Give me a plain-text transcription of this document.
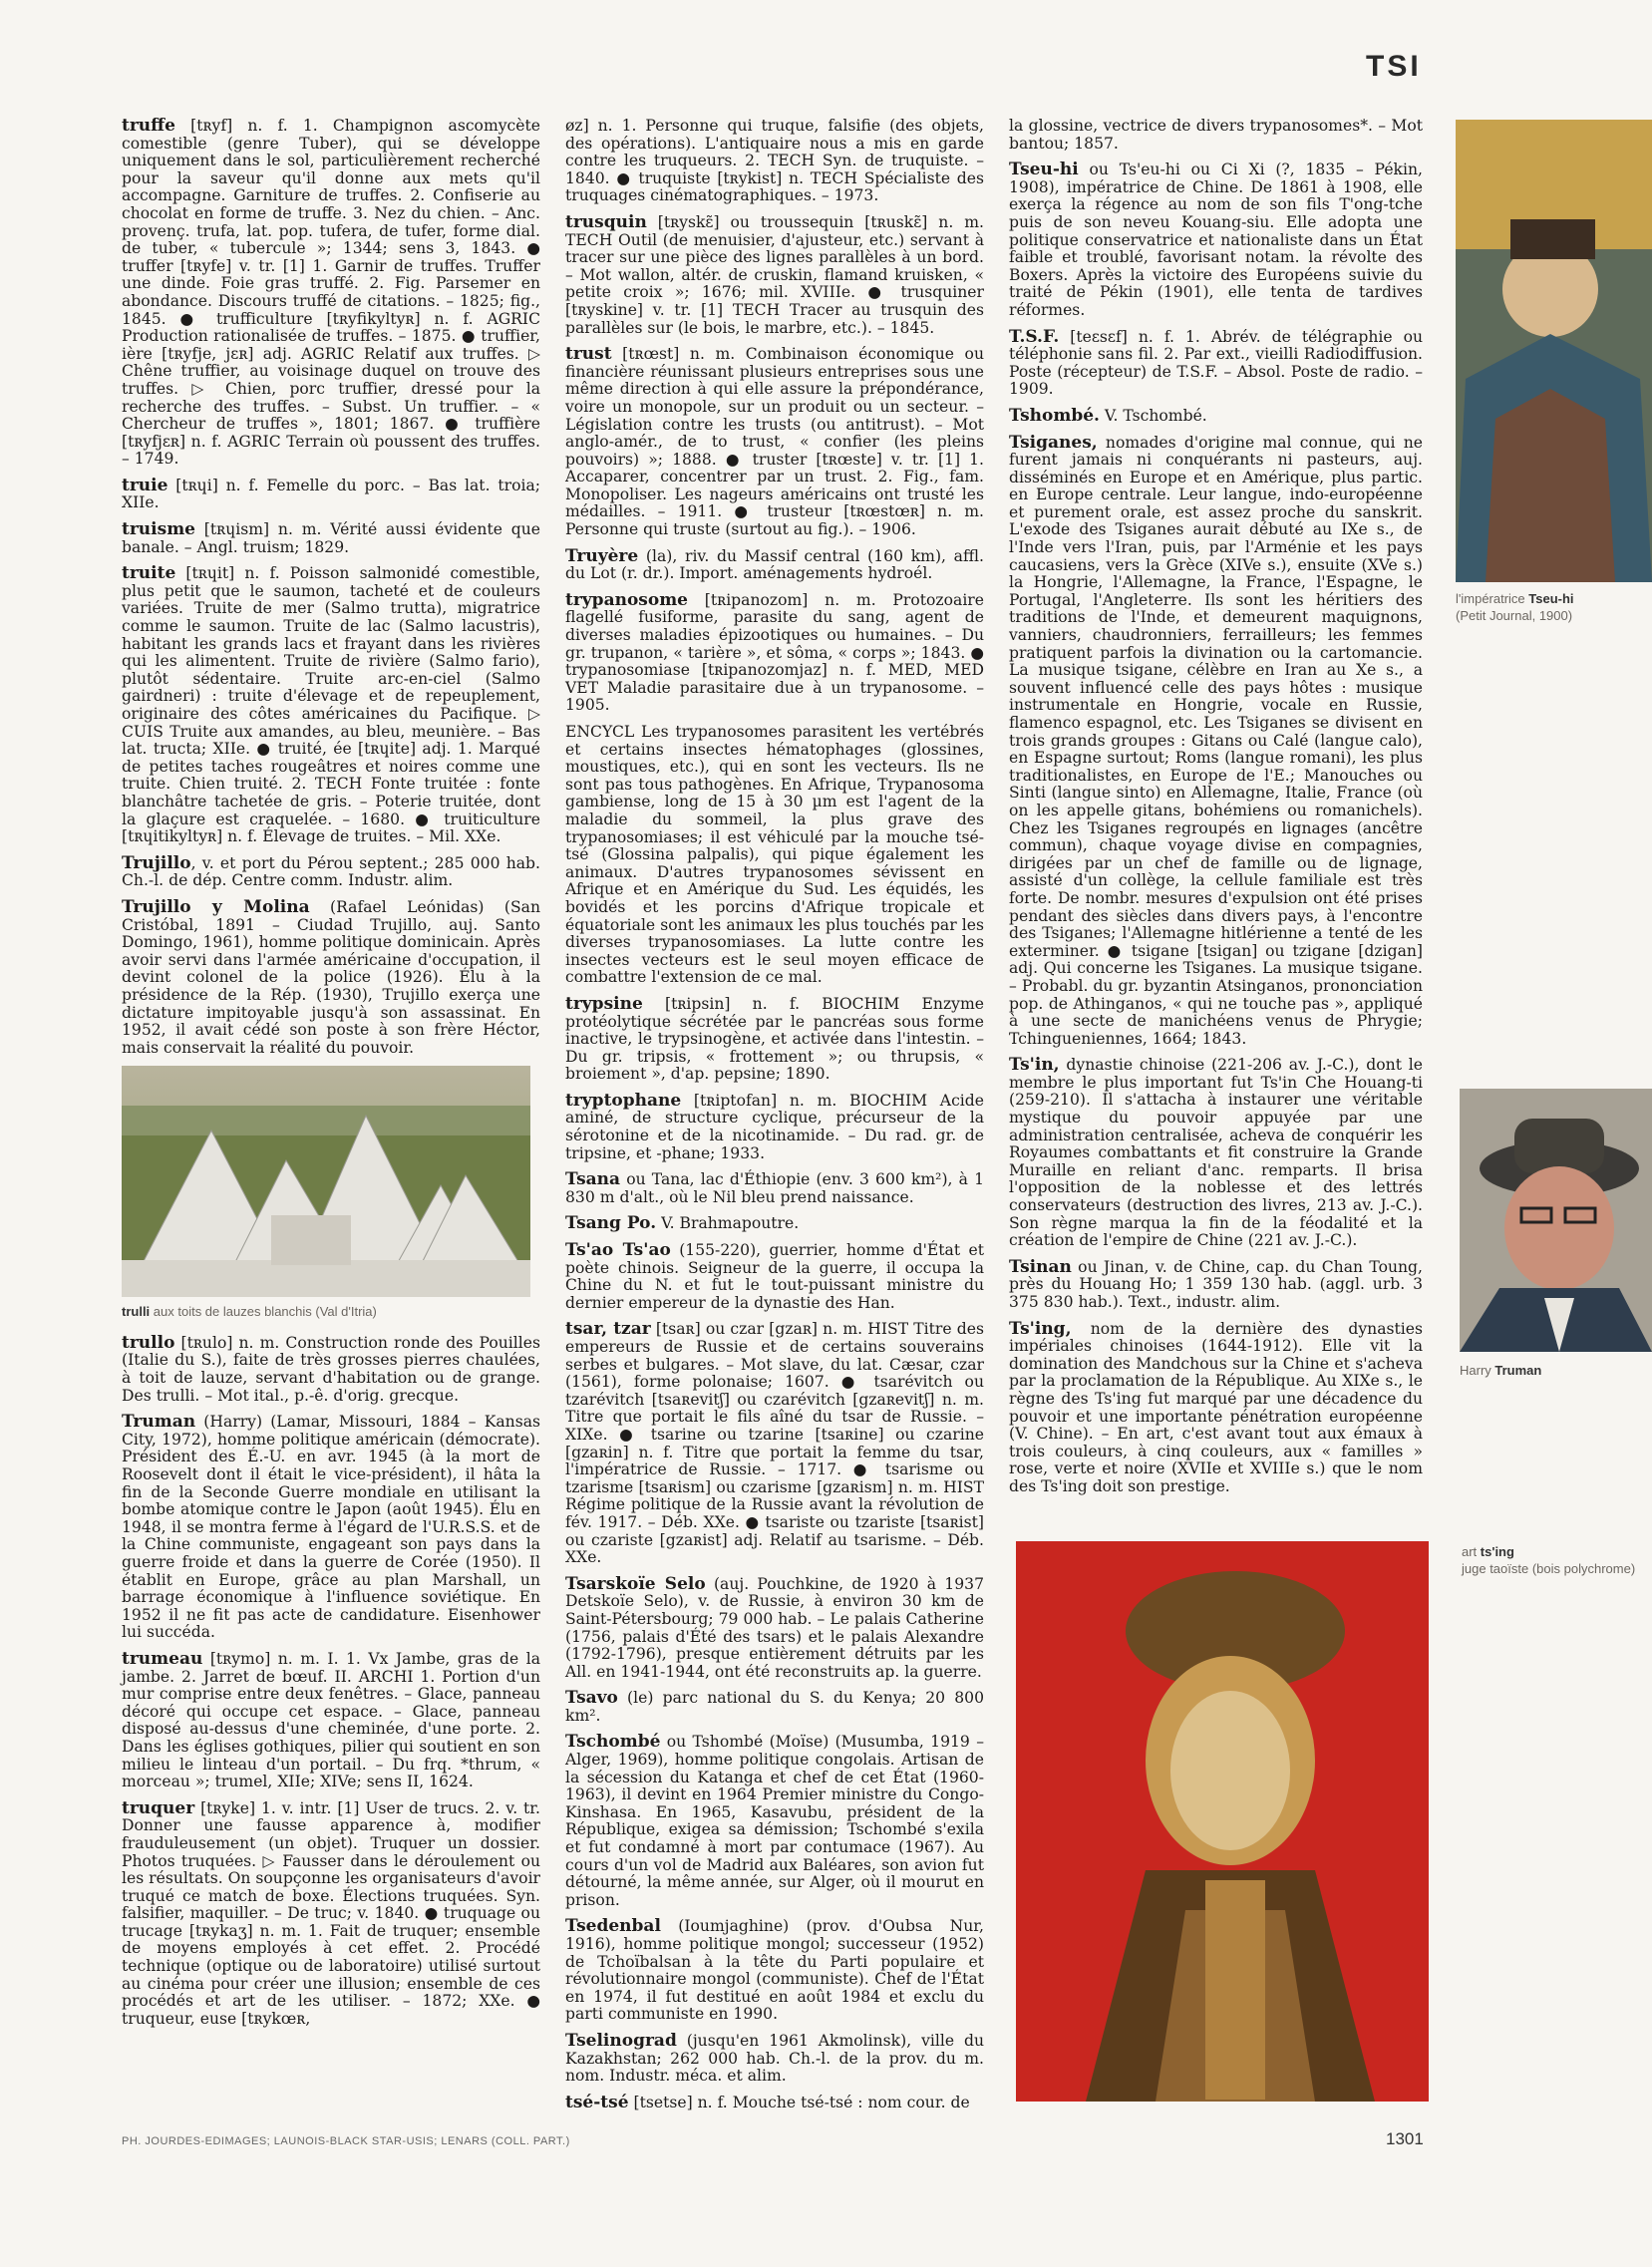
TSI

truffe [tʀyf] n. f. 1. Champignon ascomycète comestible (genre Tuber), qui se développe uniquement dans le sol, particulièrement recherché pour la saveur qu'il donne aux mets qu'il accompagne. Garniture de truffes. 2. Confiserie au chocolat en forme de truffe. 3. Nez du chien. – Anc. provenç. trufa, lat. pop. tufera, de tufer, forme dial. de tuber, « tubercule »; 1344; sens 3, 1843. ● truffer [tʀyfe] v. tr. [1] 1. Garnir de truffes. Truffer une dinde. Foie gras truffé. 2. Fig. Parsemer en abondance. Discours truffé de citations. – 1825; fig., 1845. ● trufficulture [tʀyfikyltyʀ] n. f. AGRIC Production rationalisée de truffes. – 1875. ● truffier, ière [tʀyfje, jɛʀ] adj. AGRIC Relatif aux truffes. ▷ Chêne truffier, au voisinage duquel on trouve des truffes. ▷ Chien, porc truffier, dressé pour la recherche des truffes. – Subst. Un truffier. – « Chercheur de truffes », 1801; 1867. ● truffière [tʀyfjɛʀ] n. f. AGRIC Terrain où poussent des truffes. – 1749.

truie [tʀɥi] n. f. Femelle du porc. – Bas lat. troia; XIIe.

truisme [tʀɥism] n. m. Vérité aussi évidente que banale. – Angl. truism; 1829.

truite [tʀɥit] n. f. Poisson salmonidé comestible, plus petit que le saumon, tacheté et de couleurs variées. Truite de mer (Salmo trutta), migratrice comme le saumon. Truite de lac (Salmo lacustris), habitant les grands lacs et frayant dans les rivières qui les alimentent. Truite de rivière (Salmo fario), plutôt sédentaire. Truite arc-en-ciel (Salmo gairdneri) : truite d'élevage et de repeuplement, originaire des côtes américaines du Pacifique. ▷ CUIS Truite aux amandes, au bleu, meunière. – Bas lat. tructa; XIIe. ● truité, ée [tʀɥite] adj. 1. Marqué de petites taches rougeâtres et noires comme une truite. Chien truité. 2. TECH Fonte truitée : fonte blanchâtre tachetée de gris. – Poterie truitée, dont la glaçure est craquelée. – 1680. ● truiticulture [tʀɥitikyltyʀ] n. f. Élevage de truites. – Mil. XXe.

Trujillo, v. et port du Pérou septent.; 285 000 hab. Ch.-l. de dép. Centre comm. Industr. alim.

Trujillo y Molina (Rafael Leónidas) (San Cristóbal, 1891 – Ciudad Trujillo, auj. Santo Domingo, 1961), homme politique dominicain. Après avoir servi dans l'armée américaine d'occupation, il devint colonel de la police (1926). Élu à la présidence de la Rép. (1930), Trujillo exerça une dictature impitoyable jusqu'à son assassinat. En 1952, il avait cédé son poste à son frère Héctor, mais conservait la réalité du pouvoir.

trulli aux toits de lauzes blanchis (Val d'Itria)

trullo [tʀulo] n. m. Construction ronde des Pouilles (Italie du S.), faite de très grosses pierres chaulées, à toit de lauze, servant d'habitation ou de grange. Des trulli. – Mot ital., p.-ê. d'orig. grecque.

Truman (Harry) (Lamar, Missouri, 1884 – Kansas City, 1972), homme politique américain (démocrate). Président des É.-U. en avr. 1945 (à la mort de Roosevelt dont il était le vice-président), il hâta la fin de la Seconde Guerre mondiale en utilisant la bombe atomique contre le Japon (août 1945). Élu en 1948, il se montra ferme à l'égard de l'U.R.S.S. et de la Chine communiste, engageant son pays dans la guerre froide et dans la guerre de Corée (1950). Il établit en Europe, grâce au plan Marshall, un barrage économique à l'influence soviétique. En 1952 il ne fit pas acte de candidature. Eisenhower lui succéda.

trumeau [tʀymo] n. m. I. 1. Vx Jambe, gras de la jambe. 2. Jarret de bœuf. II. ARCHI 1. Portion d'un mur comprise entre deux fenêtres. – Glace, panneau décoré qui occupe cet espace. – Glace, panneau disposé au-dessus d'une cheminée, d'une porte. 2. Dans les églises gothiques, pilier qui soutient en son milieu le linteau d'un portail. – Du frq. *thrum, « morceau »; trumel, XIIe; XIVe; sens II, 1624.

truquer [tʀyke] 1. v. intr. [1] User de trucs. 2. v. tr. Donner une fausse apparence à, modifier frauduleusement (un objet). Truquer un dossier. Photos truquées. ▷ Fausser dans le déroulement ou les résultats. On soupçonne les organisateurs d'avoir truqué ce match de boxe. Élections truquées. Syn. falsifier, maquiller. – De truc; v. 1840. ● truquage ou trucage [tʀykaʒ] n. m. 1. Fait de truquer; ensemble de moyens employés à cet effet. 2. Procédé technique (optique ou de laboratoire) utilisé surtout au cinéma pour créer une illusion; ensemble de ces procédés et art de les utiliser. – 1872; XXe. ● truqueur, euse [tʀykœʀ,

øz] n. 1. Personne qui truque, falsifie (des objets, des opérations). L'antiquaire nous a mis en garde contre les truqueurs. 2. TECH Syn. de truquiste. – 1840. ● truquiste [tʀykist] n. TECH Spécialiste des truquages cinématographiques. – 1973.

trusquin [tʀyskɛ̃] ou troussequin [tʀuskɛ̃] n. m. TECH Outil (de menuisier, d'ajusteur, etc.) servant à tracer sur une pièce des lignes parallèles à un bord. – Mot wallon, altér. de cruskin, flamand kruisken, « petite croix »; 1676; mil. XVIIIe. ● trusquiner [tʀyskine] v. tr. [1] TECH Tracer au trusquin des parallèles sur (le bois, le marbre, etc.). – 1845.

trust [tʀœst] n. m. Combinaison économique ou financière réunissant plusieurs entreprises sous une même direction à qui elle assure la prépondérance, voire un monopole, sur un produit ou un secteur. – Législation contre les trusts (ou antitrust). – Mot anglo-amér., de to trust, « confier (les pleins pouvoirs) »; 1888. ● truster [tʀœste] v. tr. [1] 1. Accaparer, concentrer par un trust. 2. Fig., fam. Monopoliser. Les nageurs américains ont trusté les médailles. – 1911. ● trusteur [tʀœstœʀ] n. m. Personne qui truste (surtout au fig.). – 1906.

Truyère (la), riv. du Massif central (160 km), affl. du Lot (r. dr.). Import. aménagements hydroél.

trypanosome [tʀipanozom] n. m. Protozoaire flagellé fusiforme, parasite du sang, agent de diverses maladies épizootiques ou humaines. – Du gr. trupanon, « tarière », et sôma, « corps »; 1843. ● trypanosomiase [tʀipanozomjaz] n. f. MED, MED VET Maladie parasitaire due à un trypanosome. – 1905.

ENCYCL Les trypanosomes parasitent les vertébrés et certains insectes hématophages (glossines, moustiques, etc.), qui en sont les vecteurs. Ils ne sont pas tous pathogènes. En Afrique, Trypanosoma gambiense, long de 15 à 30 µm est l'agent de la maladie du sommeil, la plus grave des trypanosomiases; il est véhiculé par la mouche tsé-tsé (Glossina palpalis), qui pique également les animaux. D'autres trypanosomes sévissent en Afrique et en Amérique du Sud. Les équidés, les bovidés et les porcins d'Afrique tropicale et équatoriale sont les animaux les plus touchés par les diverses trypanosomiases. La lutte contre les insectes vecteurs est le seul moyen efficace de combattre l'extension de ce mal.

trypsine [tʀipsin] n. f. BIOCHIM Enzyme protéolytique sécrétée par le pancréas sous forme inactive, le trypsinogène, et activée dans l'intestin. – Du gr. tripsis, « frottement »; ou thrupsis, « broiement », d'ap. pepsine; 1890.

tryptophane [tʀiptofan] n. m. BIOCHIM Acide aminé, de structure cyclique, précurseur de la sérotonine et de la nicotinamide. – Du rad. gr. de tripsine, et -phane; 1933.

Tsana ou Tana, lac d'Éthiopie (env. 3 600 km²), à 1 830 m d'alt., où le Nil bleu prend naissance.

Tsang Po. V. Brahmapoutre.

Ts'ao Ts'ao (155-220), guerrier, homme d'État et poète chinois. Seigneur de la guerre, il occupa la Chine du N. et fut le tout-puissant ministre du dernier empereur de la dynastie des Han.

tsar, tzar [tsaʀ] ou czar [gzaʀ] n. m. HIST Titre des empereurs de Russie et de certains souverains serbes et bulgares. – Mot slave, du lat. Cæsar, czar (1561), forme polonaise; 1607. ● tsarévitch ou tzarévitch [tsaʀevitʃ] ou czarévitch [gzaʀevitʃ] n. m. Titre que portait le fils aîné du tsar de Russie. – XIXe. ● tsarine ou tzarine [tsaʀine] ou czarine [gzaʀin] n. f. Titre que portait la femme du tsar, l'impératrice de Russie. – 1717. ● tsarisme ou tzarisme [tsaʀism] ou czarisme [gzaʀism] n. m. HIST Régime politique de la Russie avant la révolution de fév. 1917. – Déb. XXe. ● tsariste ou tzariste [tsaʀist] ou czariste [gzaʀist] adj. Relatif au tsarisme. – Déb. XXe.

Tsarskoïe Selo (auj. Pouchkine, de 1920 à 1937 Detskoïe Selo), v. de Russie, à environ 30 km de Saint-Pétersbourg; 79 000 hab. – Le palais Catherine (1756, palais d'Été des tsars) et le palais Alexandre (1792-1796), presque entièrement détruits par les All. en 1941-1944, ont été reconstruits ap. la guerre.

Tsavo (le) parc national du S. du Kenya; 20 800 km².

Tschombé ou Tshombé (Moïse) (Musumba, 1919 – Alger, 1969), homme politique congolais. Artisan de la sécession du Katanga et chef de cet État (1960-1963), il devint en 1964 Premier ministre du Congo-Kinshasa. En 1965, Kasavubu, président de la République, exigea sa démission; Tschombé s'exila et fut condamné à mort par contumace (1967). Au cours d'un vol de Madrid aux Baléares, son avion fut détourné, la même année, sur Alger, où il mourut en prison.

Tsedenbal (Ioumjaghine) (prov. d'Oubsa Nur, 1916), homme politique mongol; successeur (1952) de Tchoïbalsan à la tête du Parti populaire et révolutionnaire mongol (communiste). Chef de l'État en 1974, il fut destitué en août 1984 et exclu du parti communiste en 1990.

Tselinograd (jusqu'en 1961 Akmolinsk), ville du Kazakhstan; 262 000 hab. Ch.-l. de la prov. du m. nom. Industr. méca. et alim.

tsé-tsé [tsetse] n. f. Mouche tsé-tsé : nom cour. de

la glossine, vectrice de divers trypanosomes*. – Mot bantou; 1857.

Tseu-hi ou Ts'eu-hi ou Ci Xi (?, 1835 – Pékin, 1908), impératrice de Chine. De 1861 à 1908, elle exerça la régence au nom de son fils T'ong-tche puis de son neveu Kouang-siu. Elle adopta une politique conservatrice et nationaliste dans un État faible et troublé, favorisant notam. la révolte des Boxers. Après la victoire des Européens suivie du traité de Pékin (1901), elle tenta de tardives réformes.

T.S.F. [teɛsɛf] n. f. 1. Abrév. de télégraphie ou téléphonie sans fil. 2. Par ext., vieilli Radiodiffusion. Poste (récepteur) de T.S.F. – Absol. Poste de radio. – 1909.

Tshombé. V. Tschombé.

Tsiganes, nomades d'origine mal connue, qui ne furent jamais ni conquérants ni pasteurs, auj. disséminés en Europe et en Amérique, plus partic. en Europe centrale. Leur langue, indo-européenne et purement orale, est assez proche du sanskrit. L'exode des Tsiganes aurait débuté au IXe s., de l'Inde vers l'Iran, puis, par l'Arménie et les pays caucasiens, vers la Grèce (XIVe s.), ensuite (XVe s.) la Hongrie, l'Allemagne, la France, l'Espagne, le Portugal, l'Angleterre. Ils sont les héritiers des traditions de l'Inde, et demeurent maquignons, vanniers, chaudronniers, ferrailleurs; les femmes pratiquent parfois la divination ou la cartomancie. La musique tsigane, célèbre en Iran au Xe s., a souvent influencé celle des pays hôtes : musique instrumentale en Hongrie, vocale en Russie, flamenco espagnol, etc. Les Tsiganes se divisent en trois grands groupes : Gitans ou Calé (langue calo), en Espagne surtout; Roms (langue romani), les plus traditionalistes, en Europe de l'E.; Manouches ou Sinti (langue sinto) en Allemagne, Italie, France (où on les appelle gitans, bohémiens ou romanichels). Chez les Tsiganes regroupés en lignages (ancêtre commun), chaque voyage divise en compagnies, dirigées par un chef de famille ou de lignage, assisté d'un collège, la cellule familiale est très forte. De nombr. mesures d'expulsion ont été prises pendant des siècles dans divers pays, à l'encontre des Tsiganes; l'Allemagne hitlérienne a tenté de les exterminer. ● tsigane [tsigan] ou tzigane [dzigan] adj. Qui concerne les Tsiganes. La musique tsigane. – Probabl. du gr. byzantin Atsinganos, prononciation pop. de Athinganos, « qui ne touche pas », appliqué à une secte de manichéens venus de Phrygie; Tchingueniennes, 1664; 1843.

Ts'in, dynastie chinoise (221-206 av. J.-C.), dont le membre le plus important fut Ts'in Che Houang-ti (259-210). Il s'attacha à instaurer une véritable mystique du pouvoir appuyée par une administration centralisée, acheva de conquérir les Royaumes combattants et fit construire la Grande Muraille en reliant d'anc. remparts. Il brisa l'opposition de la noblesse et des lettrés conservateurs (destruction des livres, 213 av. J.-C.). Son règne marqua la fin de la féodalité et la création de l'empire de Chine (221 av. J.-C.).

Tsinan ou Jinan, v. de Chine, cap. du Chan Toung, près du Houang Ho; 1 359 130 hab. (aggl. urb. 3 375 830 hab.). Text., industr. alim.

Ts'ing, nom de la dernière des dynasties impériales chinoises (1644-1912). Elle vit la domination des Mandchous sur la Chine et s'acheva par la proclamation de la République. Au XIXe s., le règne des Ts'ing fut marqué par une décadence du pouvoir et une importante pénétration européenne (V. Chine). – En art, c'est avant tout aux émaux à trois couleurs, à cinq couleurs, aux « familles » rose, verte et noire (XVIIe et XVIIIe s.) que le nom des Ts'ing doit son prestige.

l'impératrice Tseu-hi
(Petit Journal, 1900)
Harry Truman
art ts'ing
juge taoïste (bois polychrome)
PH. JOURDES-EDIMAGES; LAUNOIS-BLACK STAR-USIS; LENARS (COLL. PART.)	1301
